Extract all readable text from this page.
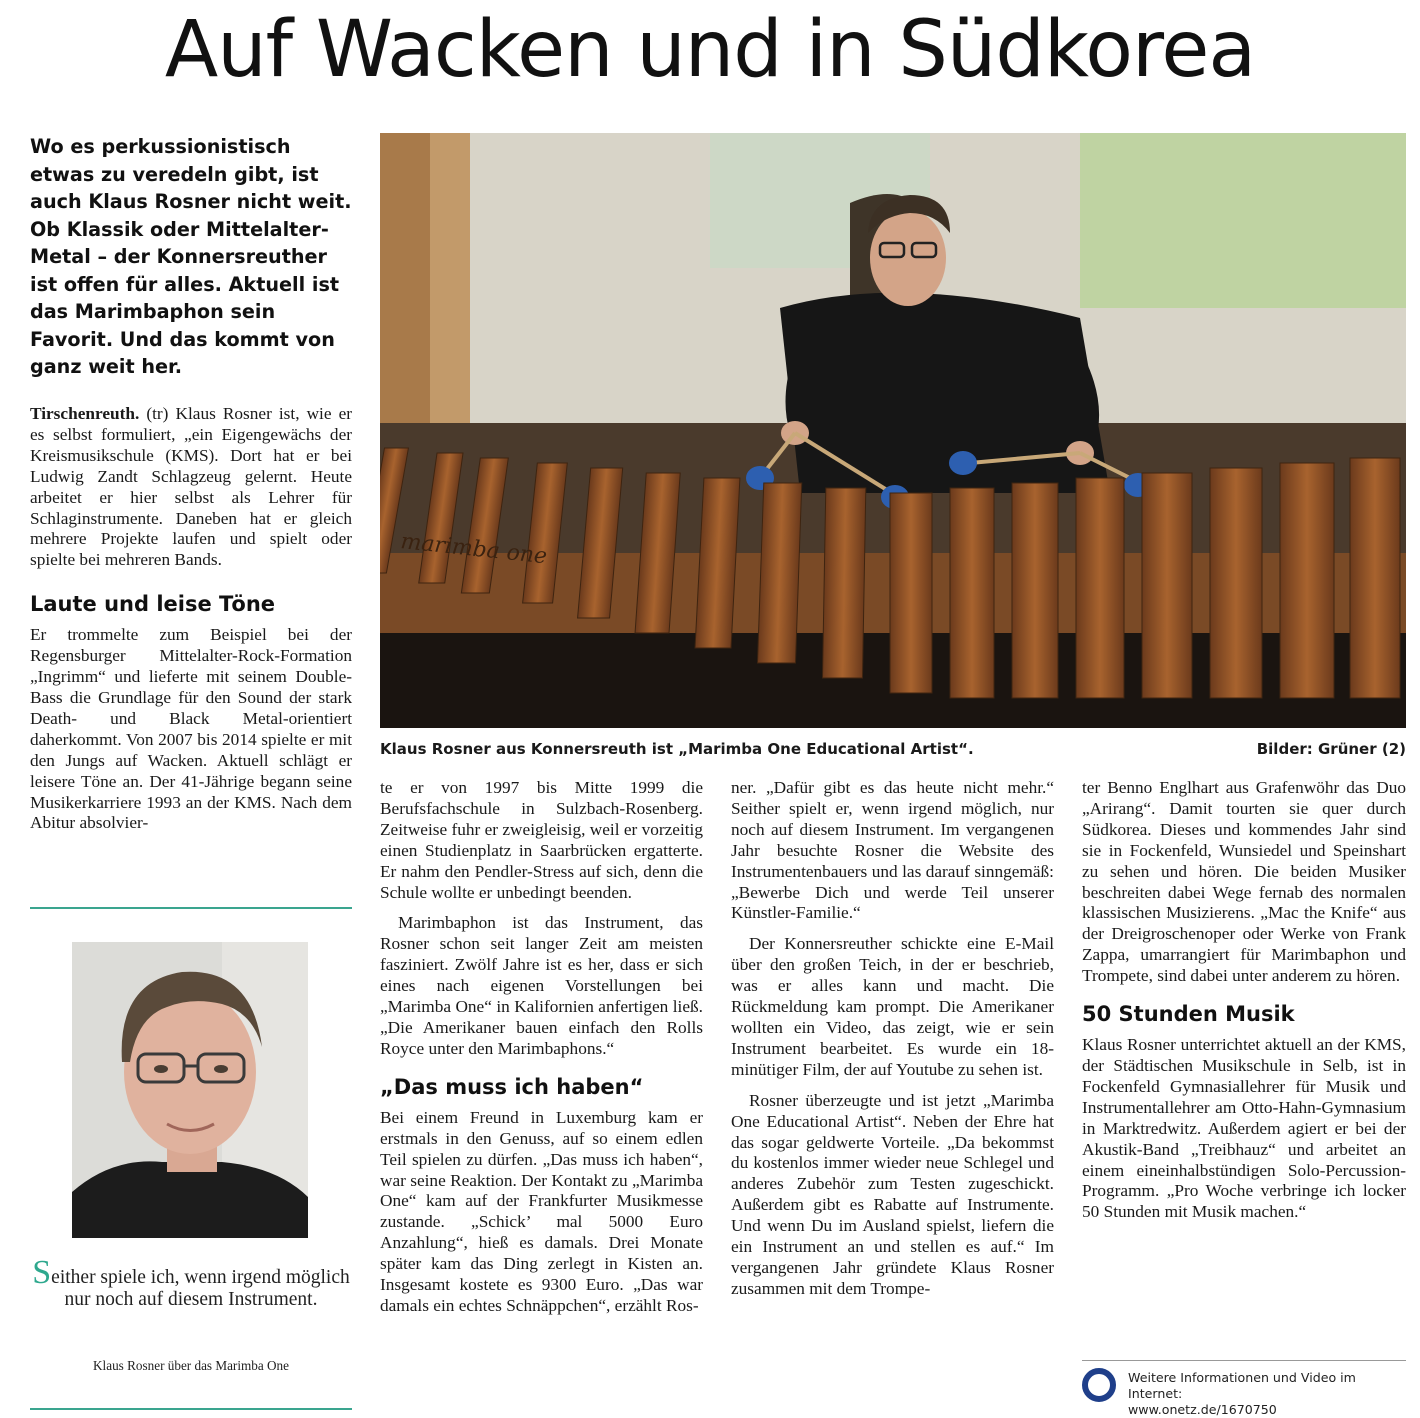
Auf Wacken und in Südkorea
Wo es perkussionistisch etwas zu veredeln gibt, ist auch Klaus Rosner nicht weit. Ob Klassik oder Mittelalter-Metal – der Konnersreuther ist offen für alles. Aktuell ist das Marimbaphon sein Favorit. Und das kommt von ganz weit her.

Tirschenreuth. (tr) Klaus Rosner ist, wie er es selbst formuliert, „ein Eigengewächs der Kreismusikschule (KMS). Dort hat er bei Ludwig Zandt Schlagzeug gelernt. Heute arbeitet er hier selbst als Lehrer für Schlaginstrumente. Daneben hat er gleich mehrere Projekte laufen und spielt oder spielte bei mehreren Bands.

Laute und leise Töne

Er trommelte zum Beispiel bei der Regensburger Mittelalter-Rock-Formation „Ingrimm“ und lieferte mit seinem Double-Bass die Grundlage für den Sound der stark Death- und Black Metal-orientiert daherkommt. Von 2007 bis 2014 spielte er mit den Jungs auf Wacken. Aktuell schlägt er leisere Töne an. Der 41-Jährige begann seine Musikerkarriere 1993 an der KMS. Nach dem Abitur absolvier-

Seither spiele ich, wenn irgend möglich nur noch auf diesem Instrument.
Klaus Rosner über das Marimba One
marimba one
Klaus Rosner aus Konnersreuth ist „Marimba One Educational Artist“.	Bilder: Grüner (2)

te er von 1997 bis Mitte 1999 die Berufsfachschule in Sulzbach-Rosenberg. Zeitweise fuhr er zweigleisig, weil er vorzeitig einen Studienplatz in Saarbrücken ergatterte. Er nahm den Pendler-Stress auf sich, denn die Schule wollte er unbedingt beenden.

Marimbaphon ist das Instrument, das Rosner schon seit langer Zeit am meisten fasziniert. Zwölf Jahre ist es her, dass er sich eines nach eigenen Vorstellungen bei „Marimba One“ in Kalifornien anfertigen ließ. „Die Amerikaner bauen einfach den Rolls Royce unter den Marimbaphons.“

„Das muss ich haben“

Bei einem Freund in Luxemburg kam er erstmals in den Genuss, auf so einem edlen Teil spielen zu dürfen. „Das muss ich haben“, war seine Reaktion. Der Kontakt zu „Marimba One“ kam auf der Frankfurter Musikmesse zustande. „Schick’ mal 5000 Euro Anzahlung“, hieß es damals. Drei Monate später kam das Ding zerlegt in Kisten an. Insgesamt kostete es 9300 Euro. „Das war damals ein echtes Schnäppchen“, erzählt Ros-

ner. „Dafür gibt es das heute nicht mehr.“ Seither spielt er, wenn irgend möglich, nur noch auf diesem Instrument. Im vergangenen Jahr besuchte Rosner die Website des Instrumentenbauers und las darauf sinngemäß: „Bewerbe Dich und werde Teil unserer Künstler-Familie.“

Der Konnersreuther schickte eine E-Mail über den großen Teich, in der er beschrieb, was er alles kann und macht. Die Rückmeldung kam prompt. Die Amerikaner wollten ein Video, das zeigt, wie er sein Instrument bearbeitet. Es wurde ein 18-minütiger Film, der auf Youtube zu sehen ist.

Rosner überzeugte und ist jetzt „Marimba One Educational Artist“. Neben der Ehre hat das sogar geldwerte Vorteile. „Da bekommst du kostenlos immer wieder neue Schlegel und anderes Zubehör zum Testen zugeschickt. Außerdem gibt es Rabatte auf Instrumente. Und wenn Du im Ausland spielst, liefern die ein Instrument an und stellen es auf.“ Im vergangenen Jahr gründete Klaus Rosner zusammen mit dem Trompe-

ter Benno Englhart aus Grafenwöhr das Duo „Arirang“. Damit tourten sie quer durch Südkorea. Dieses und kommendes Jahr sind sie in Fockenfeld, Wunsiedel und Speinshart zu sehen und hören. Die beiden Musiker beschreiten dabei Wege fernab des normalen klassischen Musizierens. „Mac the Knife“ aus der Dreigroschenoper oder Werke von Frank Zappa, umarrangiert für Marimbaphon und Trompete, sind dabei unter anderem zu hören.

50 Stunden Musik

Klaus Rosner unterrichtet aktuell an der KMS, der Städtischen Musikschule in Selb, ist in Fockenfeld Gymnasiallehrer für Musik und Instrumentallehrer am Otto-Hahn-Gymnasium in Marktredwitz. Außerdem agiert er bei der Akustik-Band „Treibhauz“ und arbeitet an einem eineinhalbstündigen Solo-Percussion-Programm. „Pro Woche verbringe ich locker 50 Stunden mit Musik machen.“

Weitere Informationen und Video im Internet:
www.onetz.de/1670750
